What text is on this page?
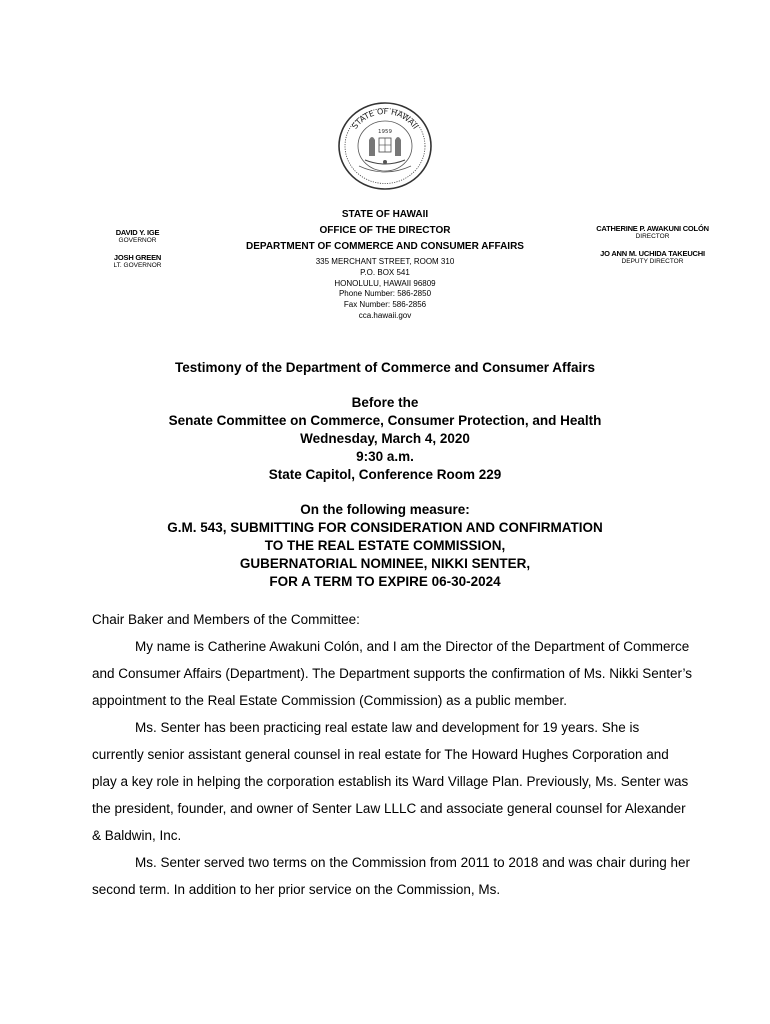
STATE OF HAWAII
1959
DAVID Y. IGE
GOVERNOR
JOSH GREEN
LT. GOVERNOR
CATHERINE P. AWAKUNI COLÓN
DIRECTOR
JO ANN M. UCHIDA TAKEUCHI
DEPUTY DIRECTOR
STATE OF HAWAII
OFFICE OF THE DIRECTOR
DEPARTMENT OF COMMERCE AND CONSUMER AFFAIRS
335 MERCHANT STREET, ROOM 310
P.O. BOX 541
HONOLULU, HAWAII 96809
Phone Number: 586-2850
Fax Number: 586-2856
cca.hawaii.gov
Testimony of the Department of Commerce and Consumer Affairs
Before the
Senate Committee on Commerce, Consumer Protection, and Health
Wednesday, March 4, 2020
9:30 a.m.
State Capitol, Conference Room 229
On the following measure:
G.M. 543, SUBMITTING FOR CONSIDERATION AND CONFIRMATION
TO THE REAL ESTATE COMMISSION,
GUBERNATORIAL NOMINEE, NIKKI SENTER,
FOR A TERM TO EXPIRE 06-30-2024

Chair Baker and Members of the Committee:

My name is Catherine Awakuni Colón, and I am the Director of the Department of Commerce and Consumer Affairs (Department). The Department supports the confirmation of Ms. Nikki Senter’s appointment to the Real Estate Commission (Commission) as a public member.

Ms. Senter has been practicing real estate law and development for 19 years. She is currently senior assistant general counsel in real estate for The Howard Hughes Corporation and play a key role in helping the corporation establish its Ward Village Plan. Previously, Ms. Senter was the president, founder, and owner of Senter Law LLLC and associate general counsel for Alexander & Baldwin, Inc.

Ms. Senter served two terms on the Commission from 2011 to 2018 and was chair during her second term. In addition to her prior service on the Commission, Ms.
